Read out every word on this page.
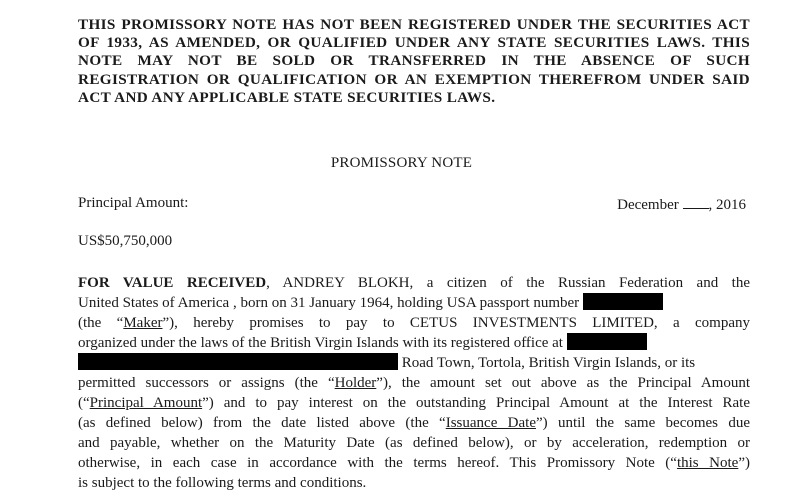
THIS PROMISSORY NOTE HAS NOT BEEN REGISTERED UNDER THE SECURITIES ACT OF 1933, AS AMENDED, OR QUALIFIED UNDER ANY STATE SECURITIES LAWS. THIS NOTE MAY NOT BE SOLD OR TRANSFERRED IN THE ABSENCE OF SUCH REGISTRATION OR QUALIFICATION OR AN EXEMPTION THEREFROM UNDER SAID ACT AND ANY APPLICABLE STATE SECURITIES LAWS.
PROMISSORY NOTE
Principal Amount:	December , 2016
US$50,750,000
FOR VALUE RECEIVED, ANDREY BLOKH, a citizen of the Russian Federation and the
United States of America , born on 31 January 1964, holding USA passport number
(the “Maker”), hereby promises to pay to CETUS INVESTMENTS LIMITED, a company
organized under the laws of the British Virgin Islands with its registered office at
Road Town, Tortola, British Virgin Islands, or its
permitted successors or assigns (the “Holder”), the amount set out above as the Principal Amount
(“Principal Amount”) and to pay interest on the outstanding Principal Amount at the Interest Rate
(as defined below) from the date listed above (the “Issuance Date”) until the same becomes due
and payable, whether on the Maturity Date (as defined below), or by acceleration, redemption or
otherwise, in each case in accordance with the terms hereof. This Promissory Note (“this Note”)
is subject to the following terms and conditions.
